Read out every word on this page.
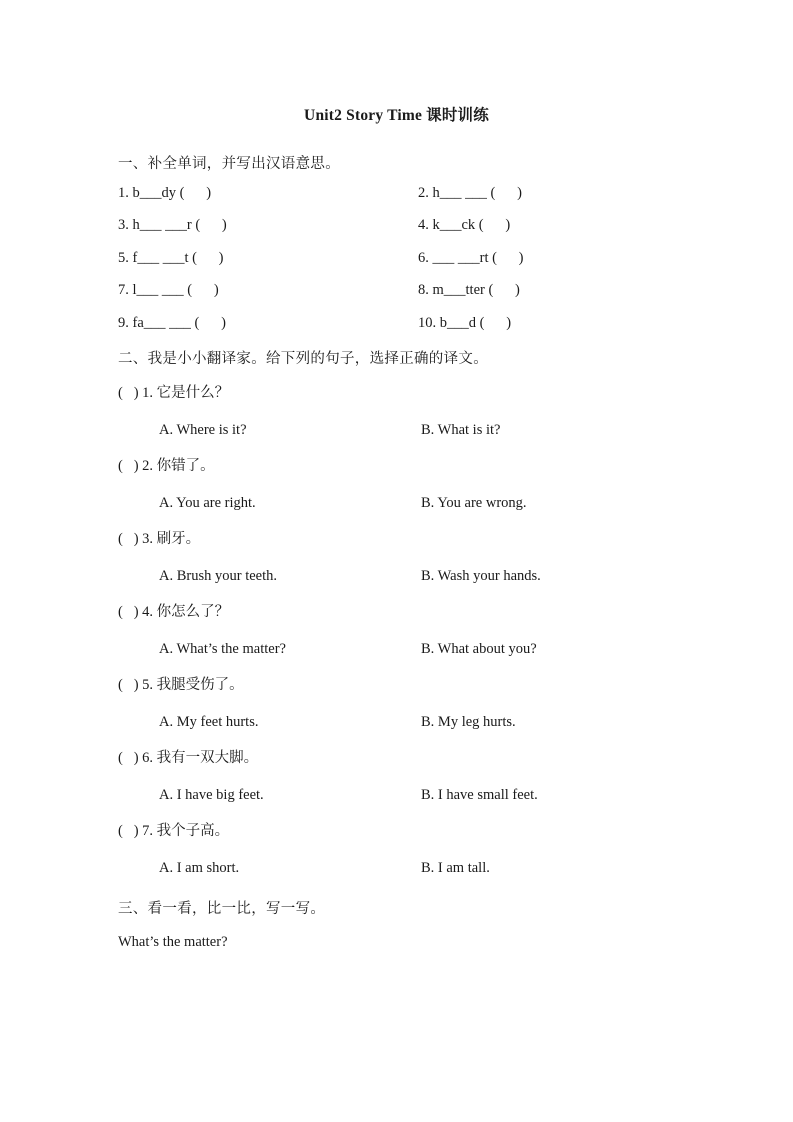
Unit2 Story Time 课时训练
一、补全单词，并写出汉语意思。
1. b___dy (      )	2. h___ ___ (      )
3. h___ ___r (      )	4. k___ck (      )
5. f___ ___t (      )	6. ___ ___rt (      )
7. l___ ___ (      )	8. m___tter (      )
9. fa___ ___ (      )	10. b___d (      )
二、我是小小翻译家。给下列的句子，选择正确的译文。
(   ) 1. 它是什么？
A. Where is it?	B. What is it?
(   ) 2. 你错了。
A. You are right.	B. You are wrong.
(   ) 3. 刷牙。
A. Brush your teeth.	B. Wash your hands.
(   ) 4. 你怎么了？
A. What’s the matter?	B. What about you?
(   ) 5. 我腿受伤了。
A. My feet hurts.	B. My leg hurts.
(   ) 6. 我有一双大脚。
A. I have big feet.	B. I have small feet.
(   ) 7. 我个子高。
A. I am short.	B. I am tall.
三、看一看，比一比，写一写。
What’s the matter?
